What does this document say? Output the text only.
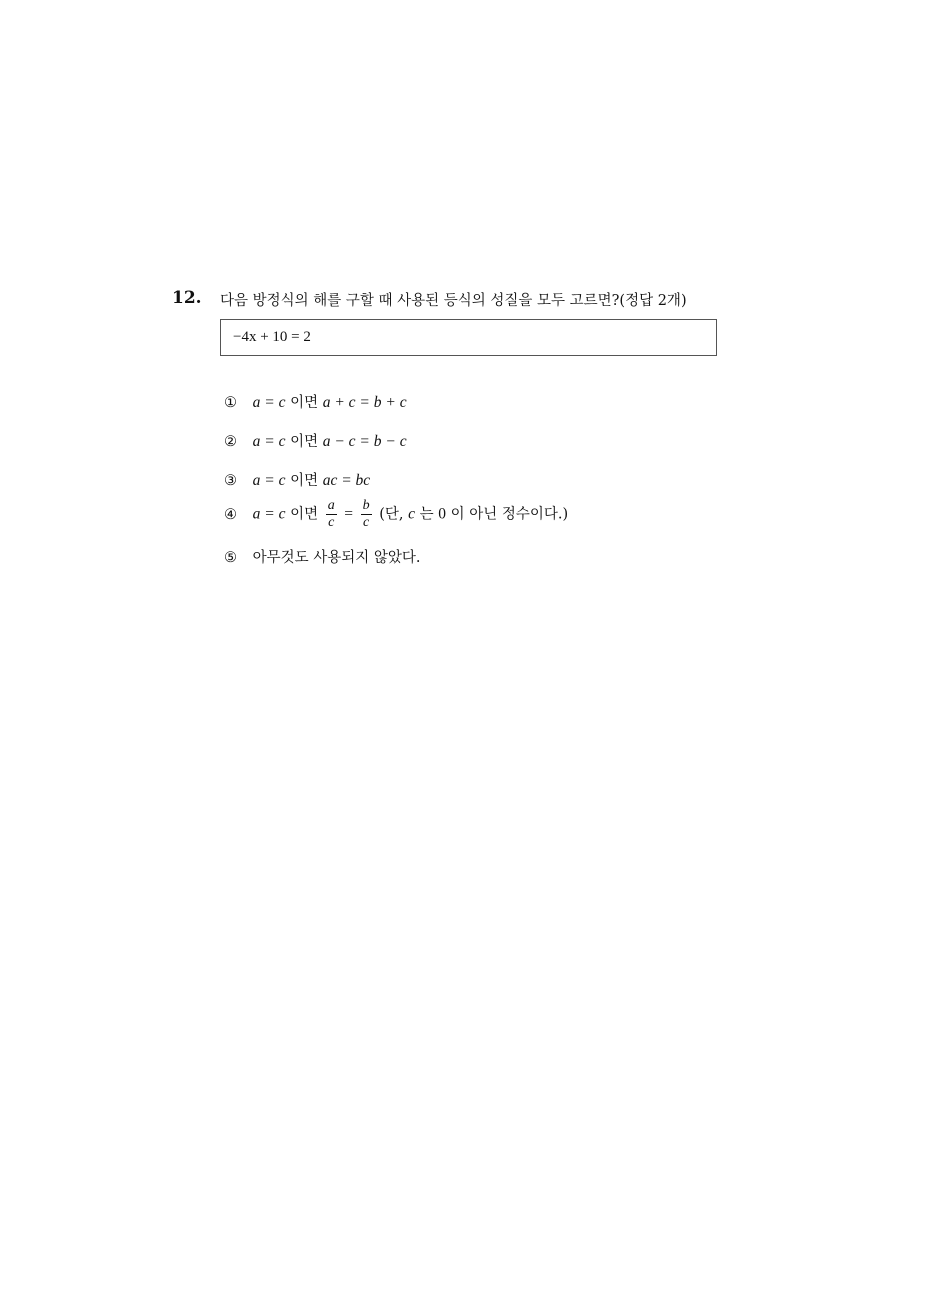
12. 다음 방정식의 해를 구할 때 사용된 등식의 성질을 모두 고르면?(정답 2개)
−4x + 10 = 2
① a = c 이면 a + c = b + c
② a = c 이면 a − c = b − c
③ a = c 이면 ac = bc
④ a = c 이면 $\frac{a}{c} = \frac{b}{c}$ (단, c 는 0 이 아닌 정수이다.)
⑤ 아무것도 사용되지 않았다.
